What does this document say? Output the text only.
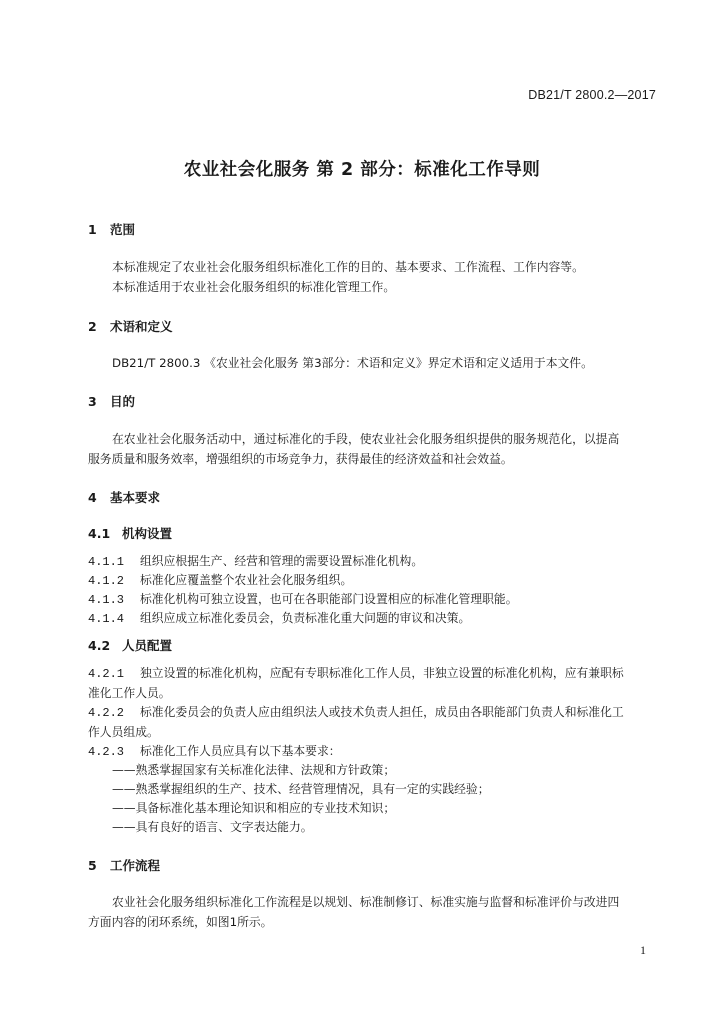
DB21/T 2800.2—2017
农业社会化服务 第 2 部分：标准化工作导则
1 范围
本标准规定了农业社会化服务组织标准化工作的目的、基本要求、工作流程、工作内容等。
本标准适用于农业社会化服务组织的标准化管理工作。
2 术语和定义
DB21/T 2800.3 《农业社会化服务 第3部分：术语和定义》界定术语和定义适用于本文件。
3 目的
在农业社会化服务活动中，通过标准化的手段，使农业社会化服务组织提供的服务规范化，以提高
服务质量和服务效率，增强组织的市场竞争力，获得最佳的经济效益和社会效益。
4 基本要求
4.1 机构设置
4.1.1 组织应根据生产、经营和管理的需要设置标准化机构。
4.1.2 标准化应覆盖整个农业社会化服务组织。
4.1.3 标准化机构可独立设置，也可在各职能部门设置相应的标准化管理职能。
4.1.4 组织应成立标准化委员会，负责标准化重大问题的审议和决策。
4.2 人员配置
4.2.1 独立设置的标准化机构，应配有专职标准化工作人员，非独立设置的标准化机构，应有兼职标
准化工作人员。
4.2.2 标准化委员会的负责人应由组织法人或技术负责人担任，成员由各职能部门负责人和标准化工
作人员组成。
4.2.3 标准化工作人员应具有以下基本要求：
——熟悉掌握国家有关标准化法律、法规和方针政策；
——熟悉掌握组织的生产、技术、经营管理情况，具有一定的实践经验；
——具备标准化基本理论知识和相应的专业技术知识；
——具有良好的语言、文字表达能力。
5 工作流程
农业社会化服务组织标准化工作流程是以规划、标准制修订、标准实施与监督和标准评价与改进四
方面内容的闭环系统，如图1所示。
1
